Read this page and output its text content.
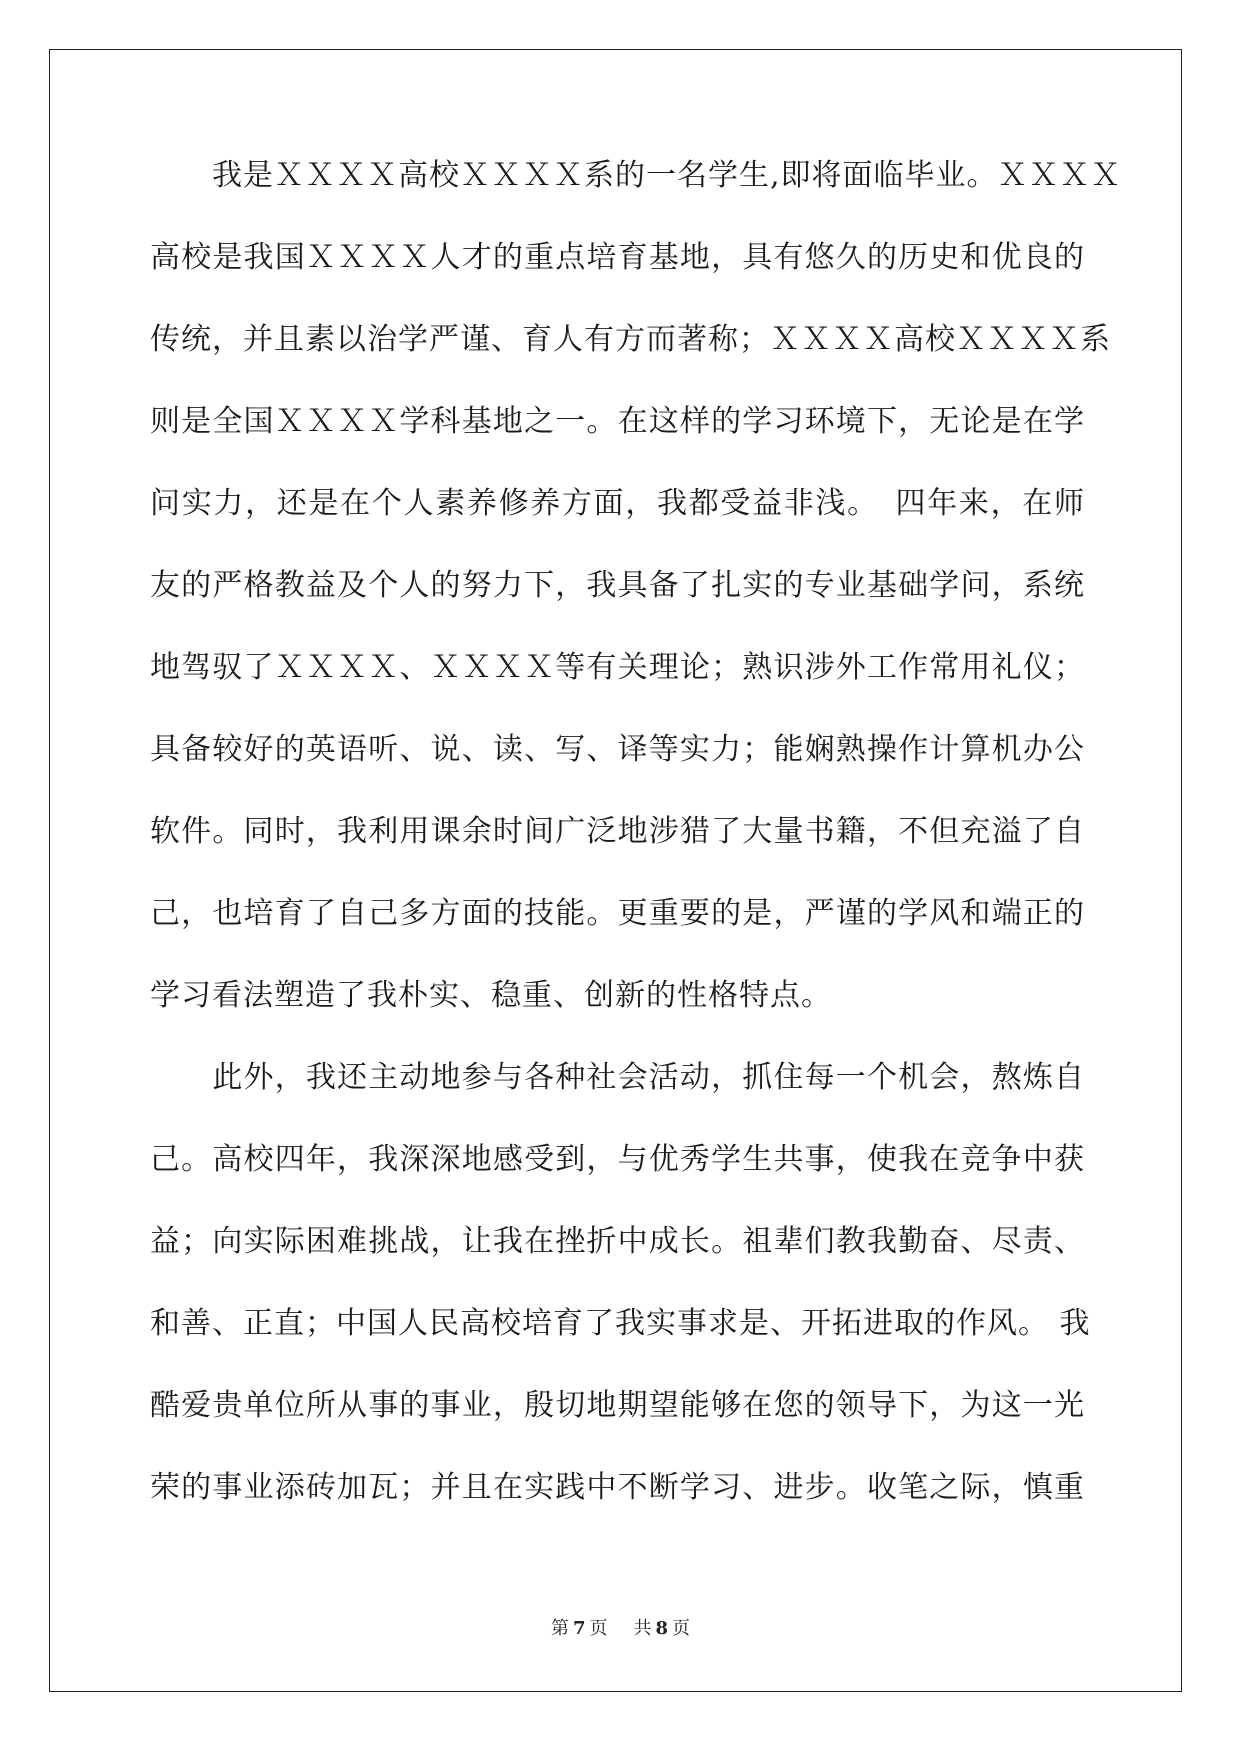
　　我是ＸＸＸＸ高校ＸＸＸＸ系的一名学生,即将面临毕业。ＸＸＸＸ
高校是我国ＸＸＸＸ人才的重点培育基地，具有悠久的历史和优良的
传统，并且素以治学严谨、育人有方而著称；ＸＸＸＸ高校ＸＸＸＸ系
则是全国ＸＸＸＸ学科基地之一。在这样的学习环境下，无论是在学
问实力，还是在个人素养修养方面，我都受益非浅。　四年来，在师
友的严格教益及个人的努力下，我具备了扎实的专业基础学问，系统
地驾驭了ＸＸＸＸ、ＸＸＸＸ等有关理论；熟识涉外工作常用礼仪；
具备较好的英语听、说、读、写、译等实力；能娴熟操作计算机办公
软件。同时，我利用课余时间广泛地涉猎了大量书籍，不但充溢了自
己，也培育了自己多方面的技能。更重要的是，严谨的学风和端正的
学习看法塑造了我朴实、稳重、创新的性格特点。
　　此外，我还主动地参与各种社会活动，抓住每一个机会，熬炼自
己。高校四年，我深深地感受到，与优秀学生共事，使我在竞争中获
益；向实际困难挑战，让我在挫折中成长。祖辈们教我勤奋、尽责、
和善、正直；中国人民高校培育了我实事求是、开拓进取的作风。 我
酷爱贵单位所从事的事业，殷切地期望能够在您的领导下，为这一光
荣的事业添砖加瓦；并且在实践中不断学习、进步。收笔之际，慎重
第 7 页 共 8 页
